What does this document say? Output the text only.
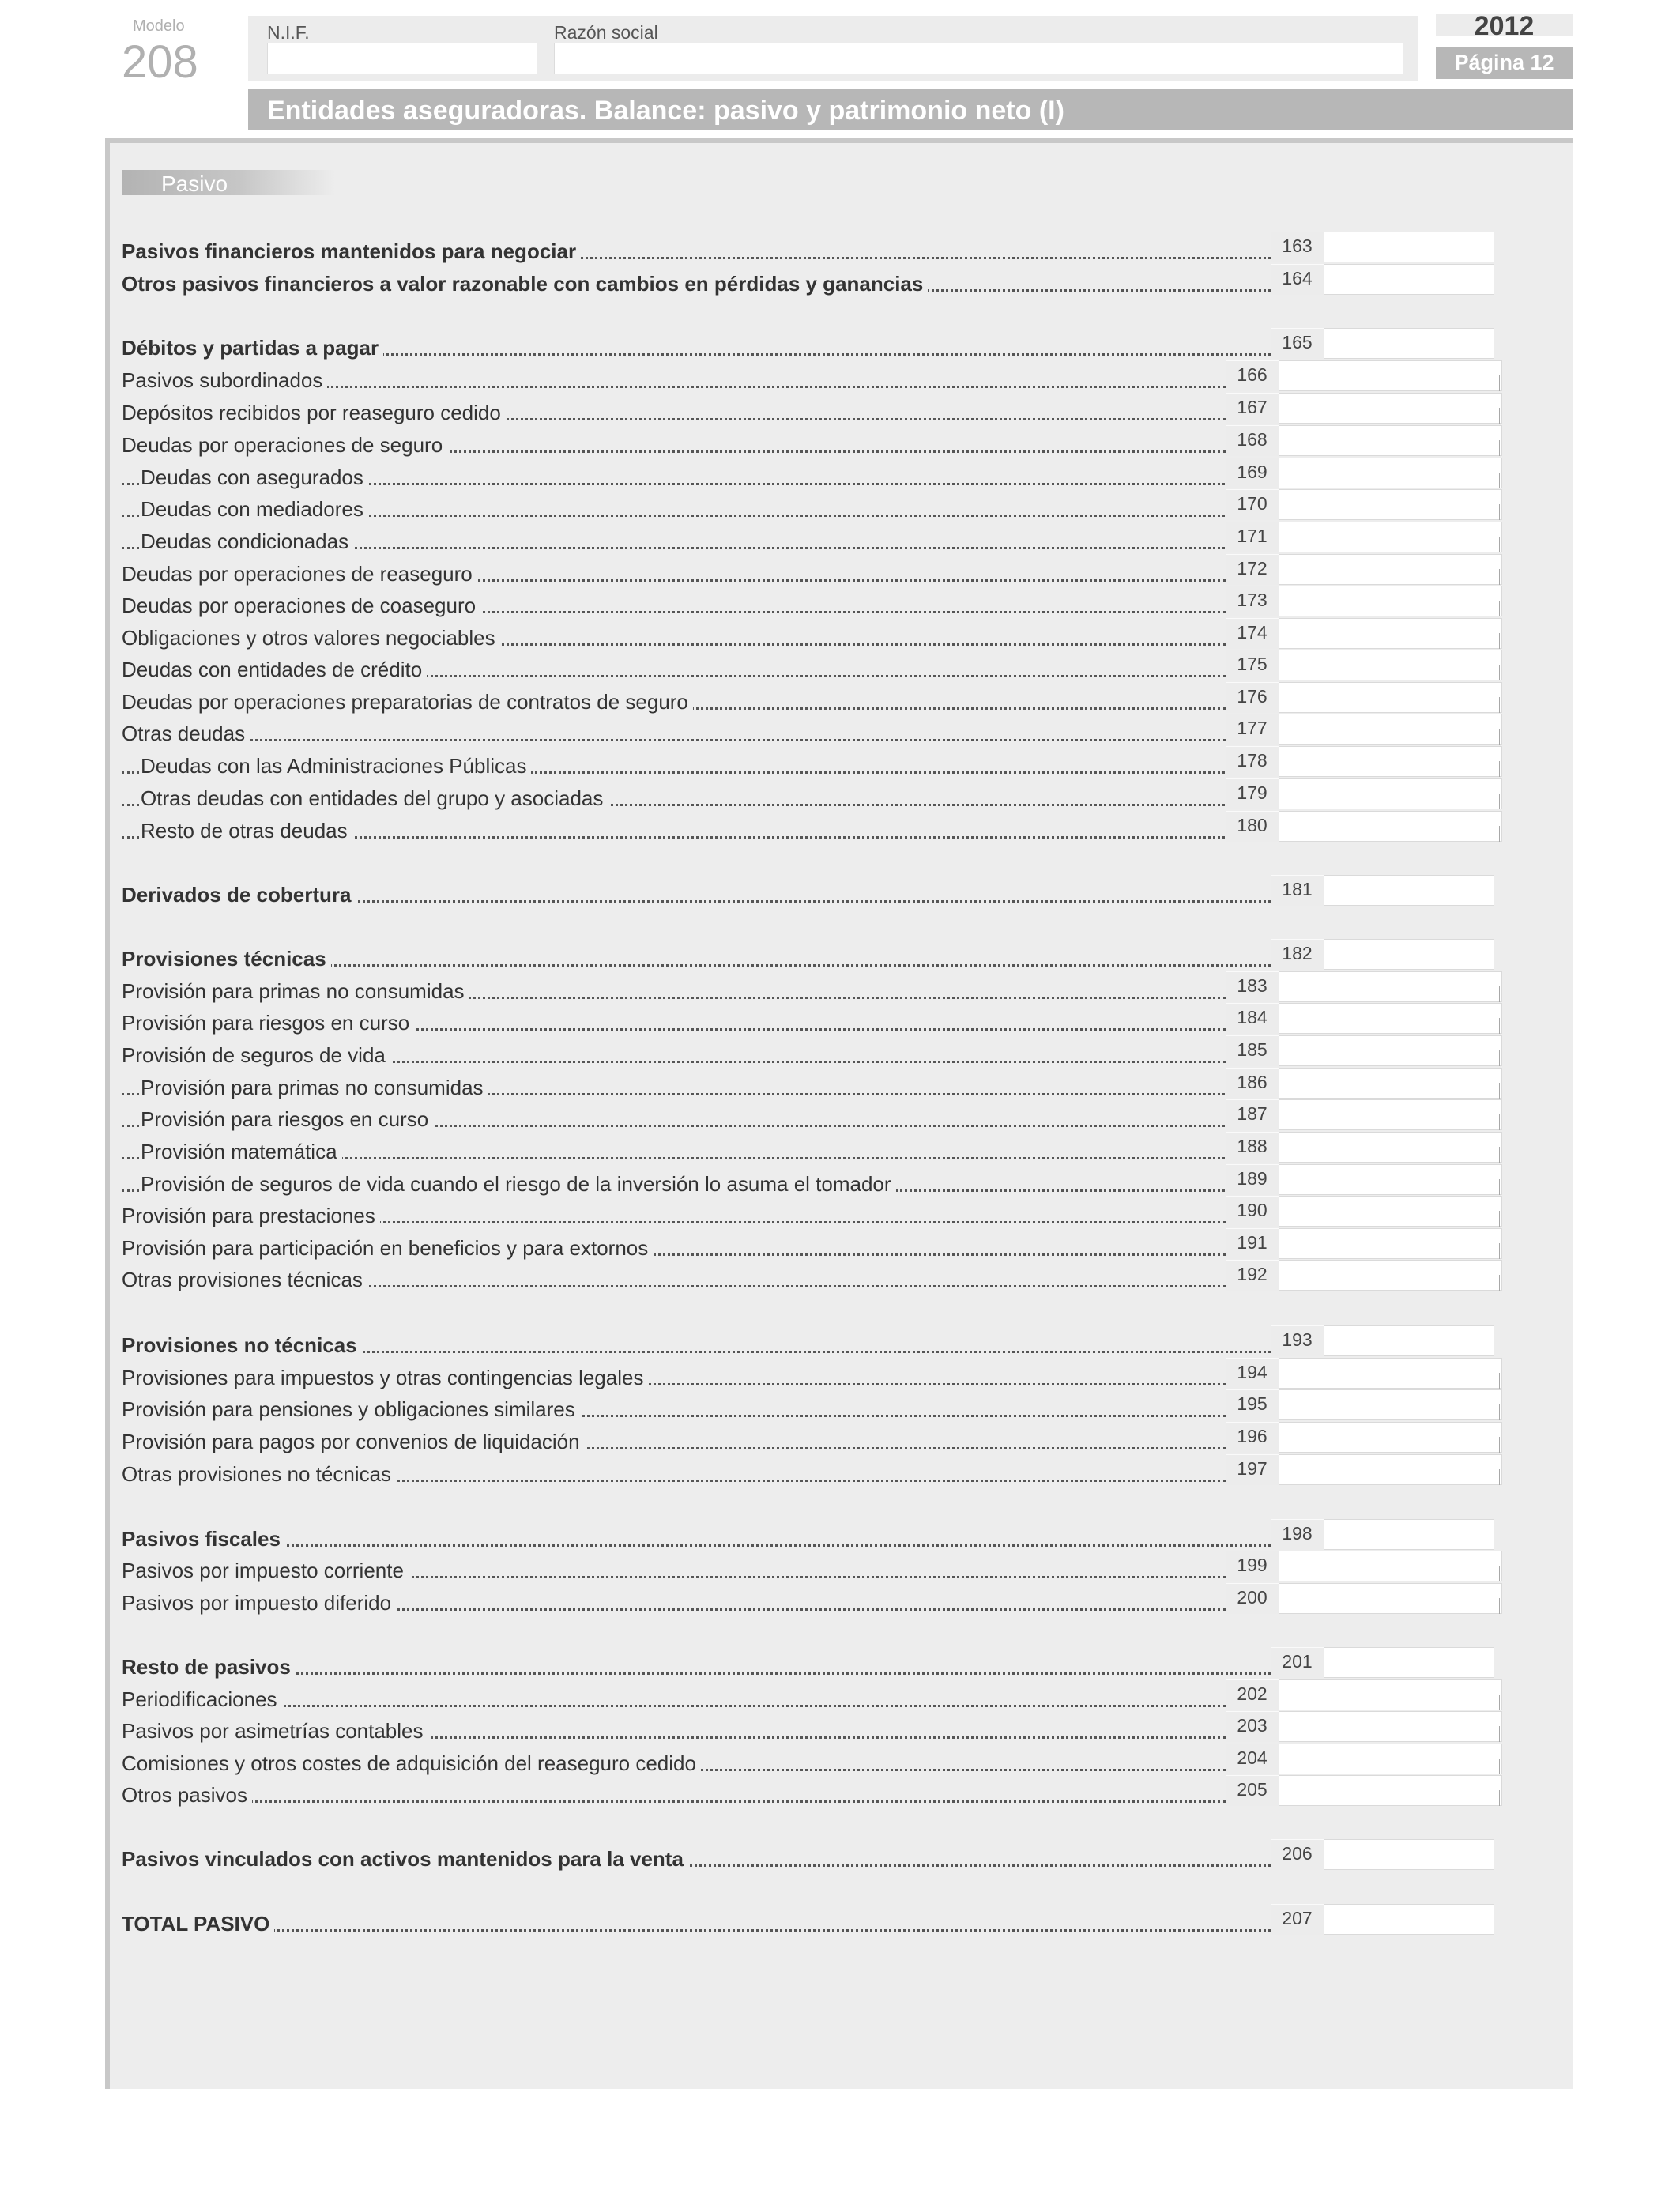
Modelo
208
N.I.F.	Razón social	2012
Página 12
Entidades aseguradoras. Balance: pasivo y patrimonio neto (I)
Pasivo
Pasivos financieros mantenidos para negociar	163
Otros pasivos financieros a valor razonable con cambios en pérdidas y ganancias	164
Débitos y partidas a pagar	165
Pasivos subordinados	166
Depósitos recibidos por reaseguro cedido	167
Deudas por operaciones de seguro	168
Deudas con asegurados	169
Deudas con mediadores	170
Deudas condicionadas	171
Deudas por operaciones de reaseguro	172
Deudas por operaciones de coaseguro	173
Obligaciones y otros valores negociables	174
Deudas con entidades de crédito	175
Deudas por operaciones preparatorias de contratos de seguro	176
Otras deudas	177
Deudas con las Administraciones Públicas	178
Otras deudas con entidades del grupo y asociadas	179
Resto de otras deudas	180
Derivados de cobertura	181
Provisiones técnicas	182
Provisión para primas no consumidas	183
Provisión para riesgos en curso	184
Provisión de seguros de vida	185
Provisión para primas no consumidas	186
Provisión para riesgos en curso	187
Provisión matemática	188
Provisión de seguros de vida cuando el riesgo de la inversión lo asuma el tomador	189
Provisión para prestaciones	190
Provisión para participación en beneficios y para extornos	191
Otras provisiones técnicas	192
Provisiones no técnicas	193
Provisiones para impuestos y otras contingencias legales	194
Provisión para pensiones y obligaciones similares	195
Provisión para pagos por convenios de liquidación	196
Otras provisiones no técnicas	197
Pasivos fiscales	198
Pasivos por impuesto corriente	199
Pasivos por impuesto diferido	200
Resto de pasivos	201
Periodificaciones	202
Pasivos por asimetrías contables	203
Comisiones y otros costes de adquisición del reaseguro cedido	204
Otros pasivos	205
Pasivos vinculados con activos mantenidos para la venta	206
TOTAL PASIVO	207
